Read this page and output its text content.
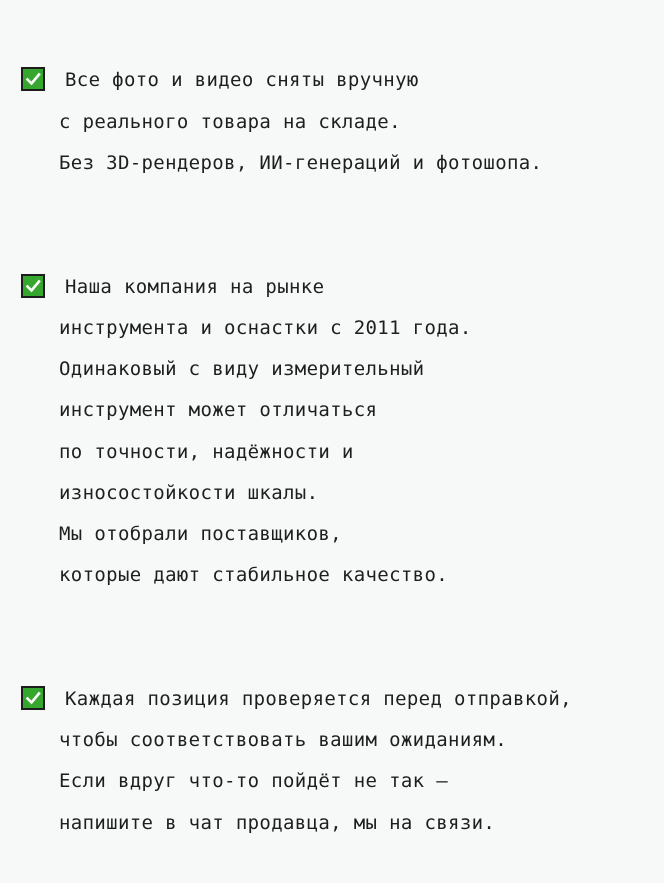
Все фото и видео сняты вручную
с реального товара на складе.
Без 3D-рендеров, ИИ-генераций и фотошопа.
Наша компания на рынке
инструмента и оснастки с 2011 года.
Одинаковый с виду измерительный
инструмент может отличаться
по точности, надёжности и
износостойкости шкалы.
Мы отобрали поставщиков,
которые дают стабильное качество.
Каждая позиция проверяется перед отправкой,
чтобы соответствовать вашим ожиданиям.
Если вдруг что-то пойдёт не так —
напишите в чат продавца, мы на связи.
